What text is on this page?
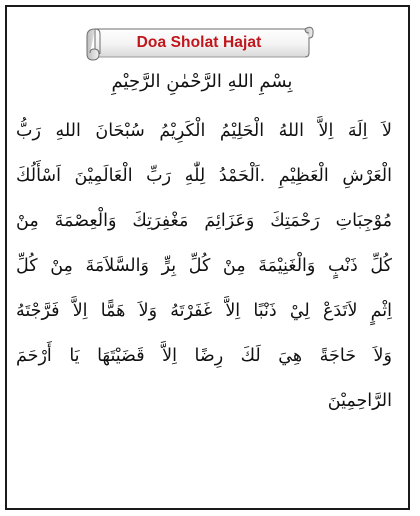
Doa Sholat Hajat
بِسْمِ اللهِ الرَّحْمٰنِ الرَّحِيْمِ
لاَ اِلَهَ اِلاَّ اللهُ الْحَلِيْمُ الْكَرِيْمُ سُبْحَانَ اللهِ رَبُّ
الْعَرْشِ الْعَظِيْمِ .اَلْحَمْدُ لِلّٰهِ رَبِّ الْعَالَمِيْنَ اَسْأَلُكَ
مُوْجِبَاتِ رَحْمَتِكَ وَعَزَائِمَ مَغْفِرَتِكَ وَالْعِصْمَةَ مِنْ
كُلِّ ذَنْبٍ وَالْغَنِيْمَةَ مِنْ كُلِّ بِرٍّ وَالسَّلاَمَةَ مِنْ كُلِّ
اِثْمٍ لاَتَدَعْ لِيْ ذَنْبًا اِلاَّ غَفَرْتَهُ وَلاَ هَمًّا اِلاَّ فَرَّجْتَهُ
وَلاَ حَاجَةً هِيَ لَكَ رِضًا اِلاَّ قَضَيْتَهَا يَا أَرْحَمَ
الرَّاحِمِيْنَ
